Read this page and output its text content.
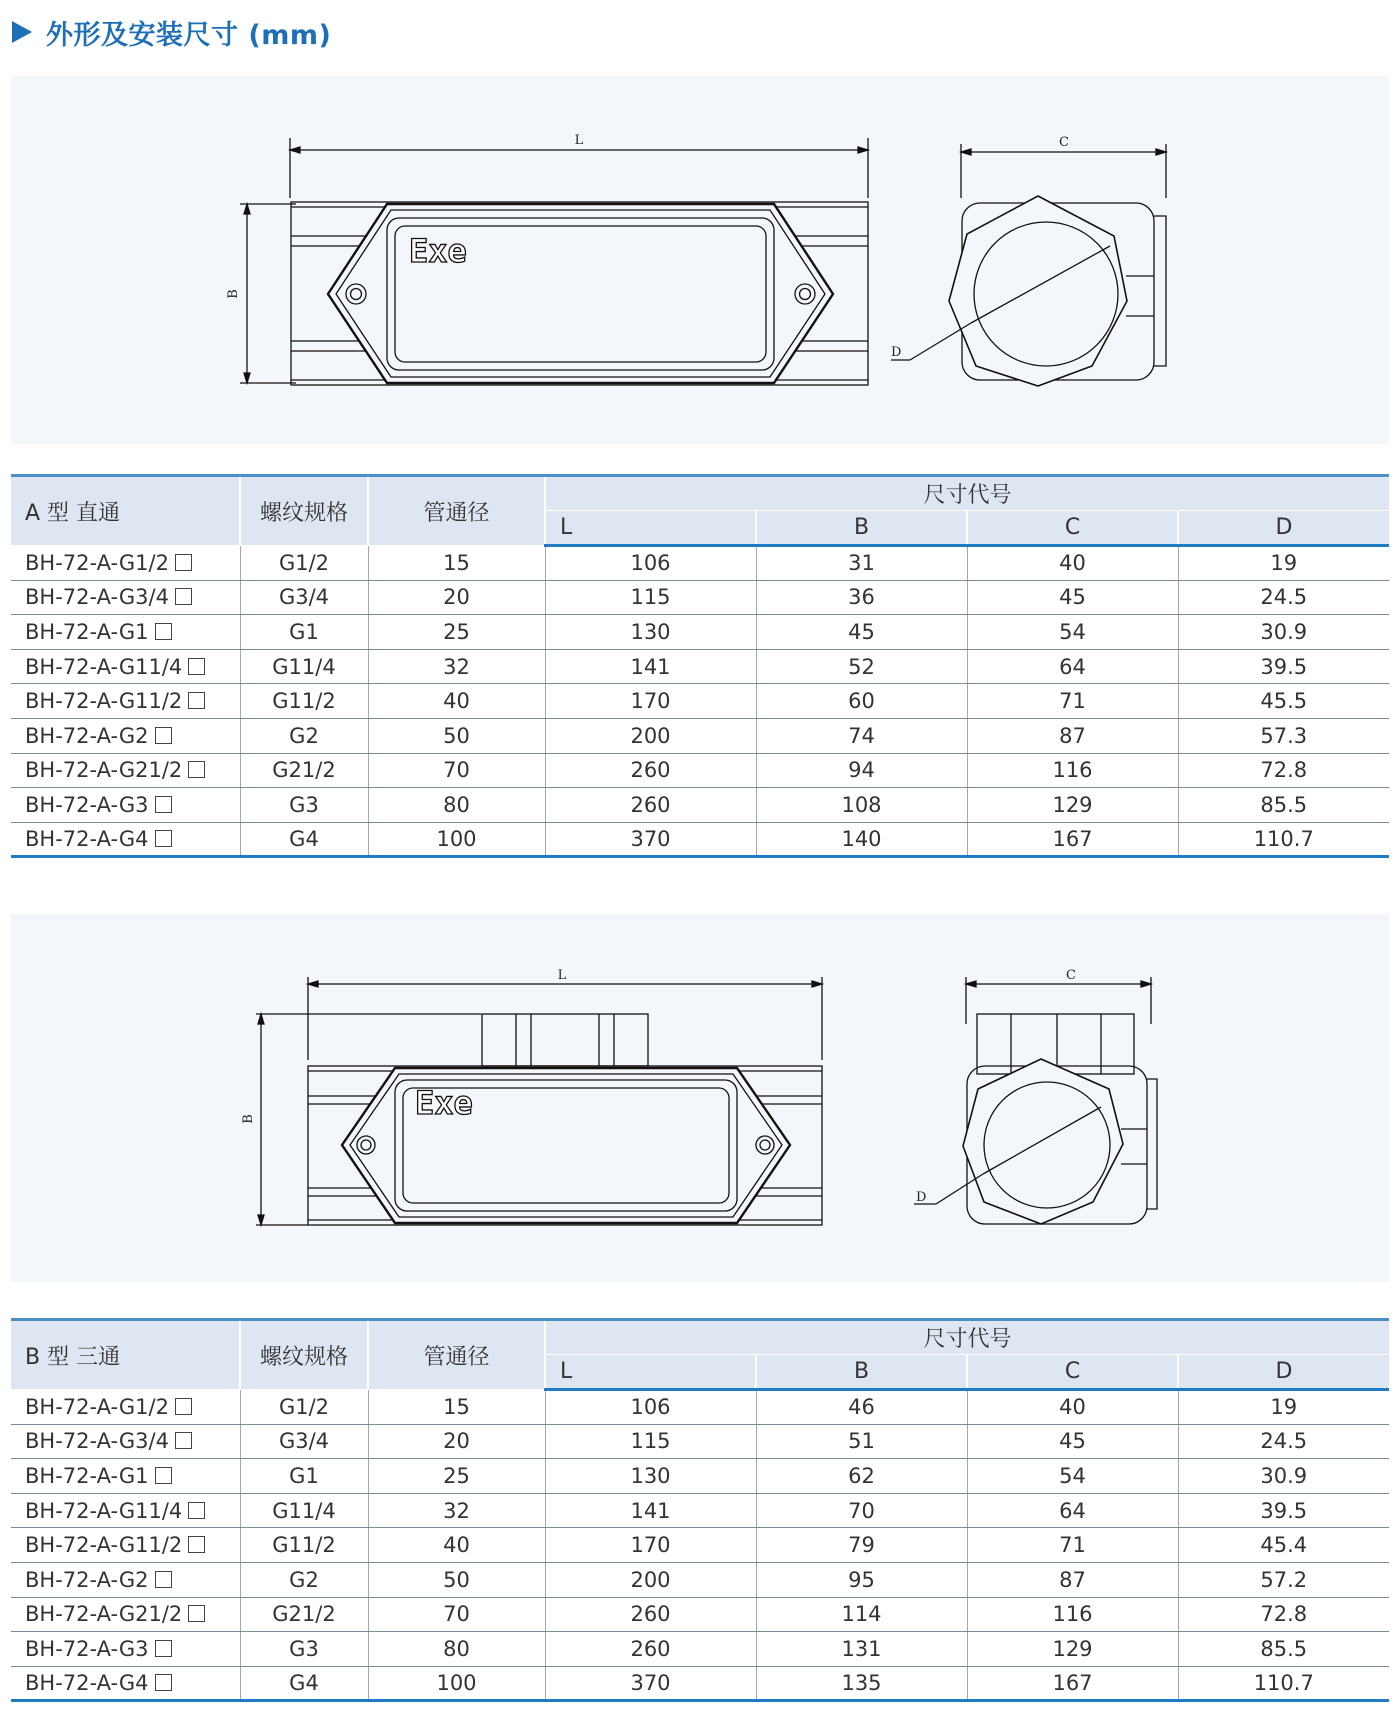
外形及安装尺寸 (mm)
L
B
C
D
Exe
A 型 直通	螺纹规格	管通径	尺寸代号			
			L	B	C	D
BH-72-A-G1/2	G1/2	15	106	31	40	19
BH-72-A-G3/4	G3/4	20	115	36	45	24.5
BH-72-A-G1	G1	25	130	45	54	30.9
BH-72-A-G11/4	G11/4	32	141	52	64	39.5
BH-72-A-G11/2	G11/2	40	170	60	71	45.5
BH-72-A-G2	G2	50	200	74	87	57.3
BH-72-A-G21/2	G21/2	70	260	94	116	72.8
BH-72-A-G3	G3	80	260	108	129	85.5
BH-72-A-G4	G4	100	370	140	167	110.7
L
B
C
D
Exe
B 型 三通	螺纹规格	管通径	尺寸代号			
			L	B	C	D
BH-72-A-G1/2	G1/2	15	106	46	40	19
BH-72-A-G3/4	G3/4	20	115	51	45	24.5
BH-72-A-G1	G1	25	130	62	54	30.9
BH-72-A-G11/4	G11/4	32	141	70	64	39.5
BH-72-A-G11/2	G11/2	40	170	79	71	45.4
BH-72-A-G2	G2	50	200	95	87	57.2
BH-72-A-G21/2	G21/2	70	260	114	116	72.8
BH-72-A-G3	G3	80	260	131	129	85.5
BH-72-A-G4	G4	100	370	135	167	110.7
